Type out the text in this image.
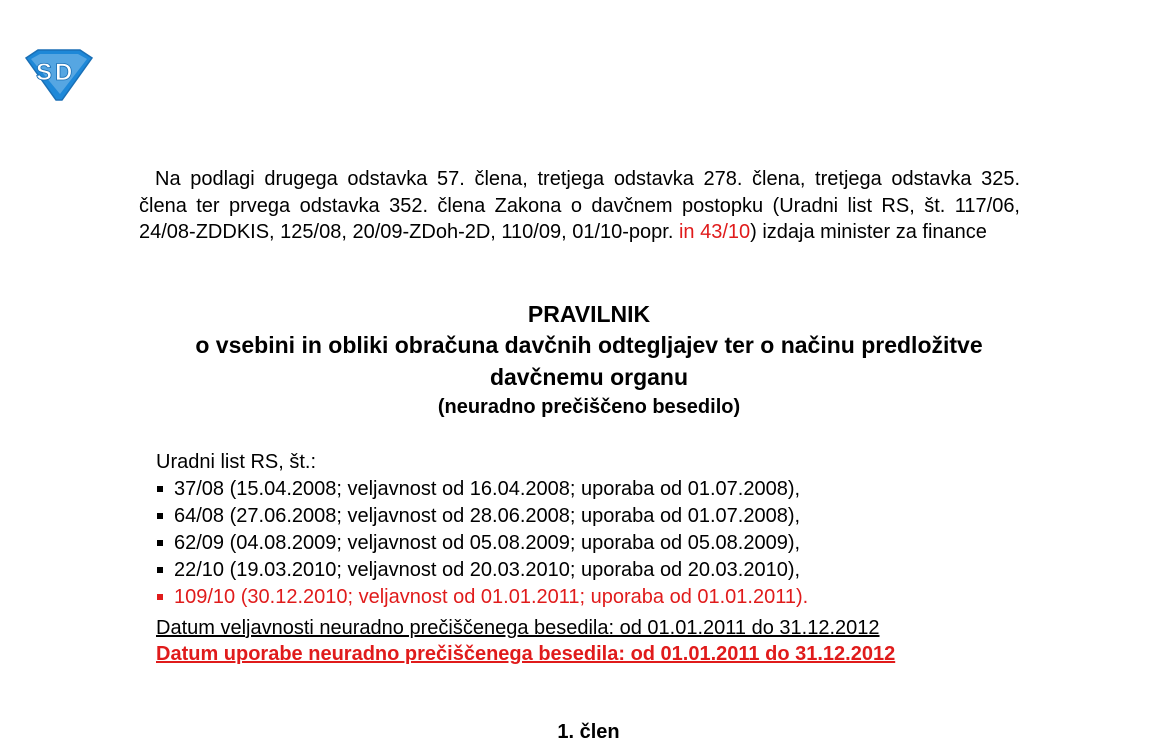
S D
Na podlagi drugega odstavka 57. člena, tretjega odstavka 278. člena, tretjega odstavka 325. člena ter prvega odstavka 352. člena Zakona o davčnem postopku (Uradni list RS, št. 117/06, 24/08-ZDDKIS, 125/08, 20/09-ZDoh-2D, 110/09, 01/10-popr. in 43/10) izdaja minister za finance
PRAVILNIK
o vsebini in obliki obračuna davčnih odtegljajev ter o načinu predložitve davčnemu organu
(neuradno prečiščeno besedilo)
Uradni list RS, št.:
37/08 (15.04.2008; veljavnost od 16.04.2008; uporaba od 01.07.2008),
64/08 (27.06.2008; veljavnost od 28.06.2008; uporaba od 01.07.2008),
62/09 (04.08.2009; veljavnost od 05.08.2009; uporaba od 05.08.2009),
22/10 (19.03.2010; veljavnost od 20.03.2010; uporaba od 20.03.2010),
109/10 (30.12.2010; veljavnost od 01.01.2011; uporaba od 01.01.2011).
Datum veljavnosti neuradno prečiščenega besedila: od 01.01.2011 do 31.12.2012
Datum uporabe neuradno prečiščenega besedila: od 01.01.2011 do 31.12.2012
1. člen
